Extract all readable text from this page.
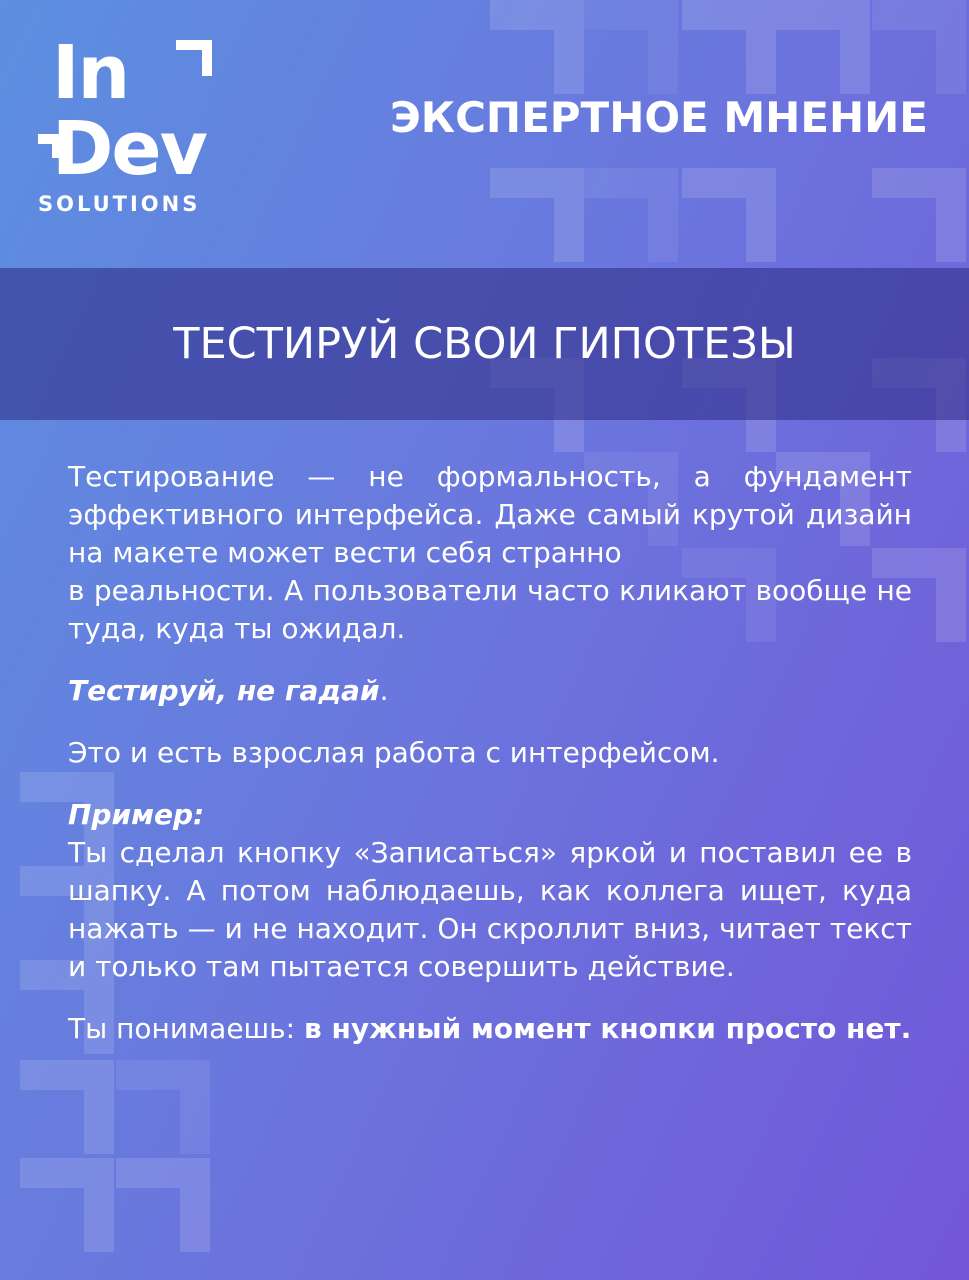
In
Dev
SOLUTIONS
ЭКСПЕРТНОЕ МНЕНИЕ
ТЕСТИРУЙ СВОИ ГИПОТЕЗЫ

Тестирование — не формальность, а фундамент эффективного интерфейса. Даже самый крутой дизайн на макете может вести себя странно
в реальности. А пользователи часто кликают вообще не туда, куда ты ожидал.

Тестируй, не гадай.

Это и есть взрослая работа с интерфейсом.

Пример:

Ты сделал кнопку «Записаться» яркой и поставил ее в шапку. А потом наблюдаешь, как коллега ищет, куда нажать — и не находит. Он скроллит вниз, читает текст и только там пытается совершить действие.

Ты понимаешь: в нужный момент кнопки просто нет.
